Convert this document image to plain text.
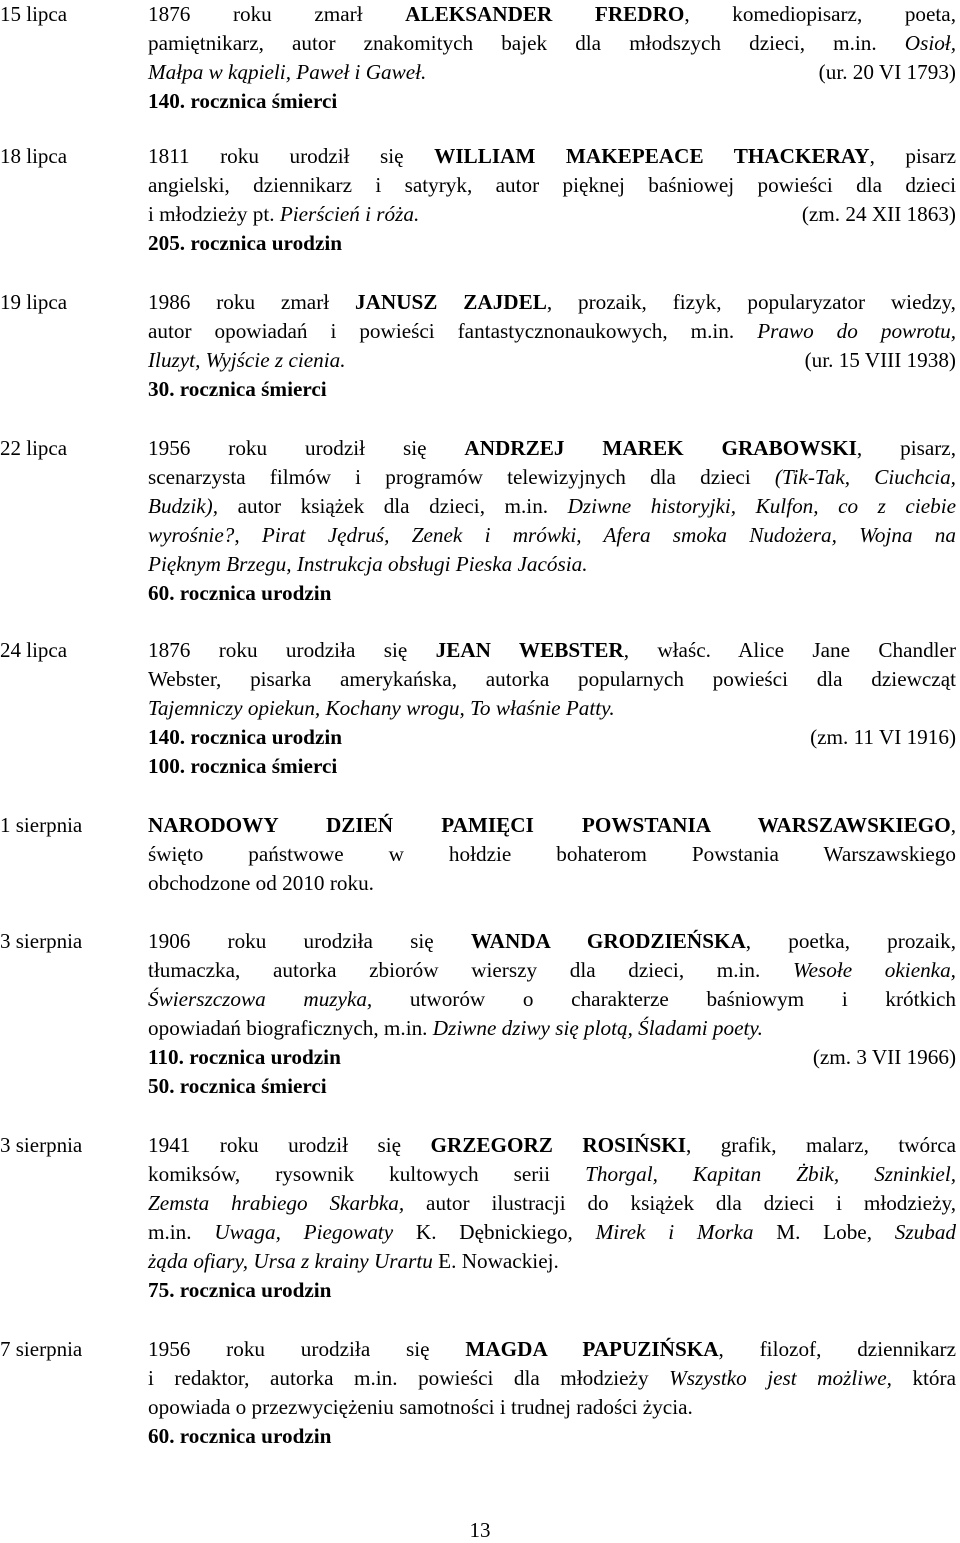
15 lipca	1876 roku zmarł ALEKSANDER FREDRO, komediopisarz, poeta,
pamiętnikarz, autor znakomitych bajek dla młodszych dzieci, m.in. Osioł,
Małpa w kąpieli, Paweł i Gaweł.	(ur. 20 VI 1793)
140. rocznica śmierci
18 lipca	1811 roku urodził się WILLIAM MAKEPEACE THACKERAY, pisarz
angielski, dziennikarz i satyryk, autor pięknej baśniowej powieści dla dzieci
i młodzieży pt. Pierścień i róża.	(zm. 24 XII 1863)
205. rocznica urodzin
19 lipca	1986 roku zmarł JANUSZ ZAJDEL, prozaik, fizyk, popularyzator wiedzy,
autor opowiadań i powieści fantastycznonaukowych, m.in. Prawo do powrotu,
Iluzyt, Wyjście z cienia.	(ur. 15 VIII 1938)
30. rocznica śmierci
22 lipca	1956 roku urodził się ANDRZEJ MAREK GRABOWSKI, pisarz,
scenarzysta filmów i programów telewizyjnych dla dzieci (Tik-Tak, Ciuchcia,
Budzik), autor książek dla dzieci, m.in. Dziwne historyjki, Kulfon, co z ciebie
wyrośnie?, Pirat Jędruś, Zenek i mrówki, Afera smoka Nudożera, Wojna na
Pięknym Brzegu, Instrukcja obsługi Pieska Jacósia.
60. rocznica urodzin
24 lipca	1876 roku urodziła się JEAN WEBSTER, właśc. Alice Jane Chandler
Webster, pisarka amerykańska, autorka popularnych powieści dla dziewcząt
Tajemniczy opiekun, Kochany wrogu, To właśnie Patty.
140. rocznica urodzin	(zm. 11 VI 1916)
100. rocznica śmierci
1 sierpnia	NARODOWY DZIEŃ PAMIĘCI POWSTANIA WARSZAWSKIEGO,
święto państwowe w hołdzie bohaterom Powstania Warszawskiego
obchodzone od 2010 roku.
3 sierpnia	1906 roku urodziła się WANDA GRODZIEŃSKA, poetka, prozaik,
tłumaczka, autorka zbiorów wierszy dla dzieci, m.in. Wesołe okienka,
Świerszczowa muzyka, utworów o charakterze baśniowym i krótkich
opowiadań biograficznych, m.in. Dziwne dziwy się plotą, Śladami poety.
110. rocznica urodzin	(zm. 3 VII 1966)
50. rocznica śmierci
3 sierpnia	1941 roku urodził się GRZEGORZ ROSIŃSKI, grafik, malarz, twórca
komiksów, rysownik kultowych serii Thorgal, Kapitan Żbik, Szninkiel,
Zemsta hrabiego Skarbka, autor ilustracji do książek dla dzieci i młodzieży,
m.in. Uwaga, Piegowaty K. Dębnickiego, Mirek i Morka M. Lobe, Szubad
żąda ofiary, Ursa z krainy Urartu E. Nowackiej.
75. rocznica urodzin
7 sierpnia	1956 roku urodziła się MAGDA PAPUZIŃSKA, filozof, dziennikarz
i redaktor, autorka m.in. powieści dla młodzieży Wszystko jest możliwe, która
opowiada o przezwyciężeniu samotności i trudnej radości życia.
60. rocznica urodzin
13
